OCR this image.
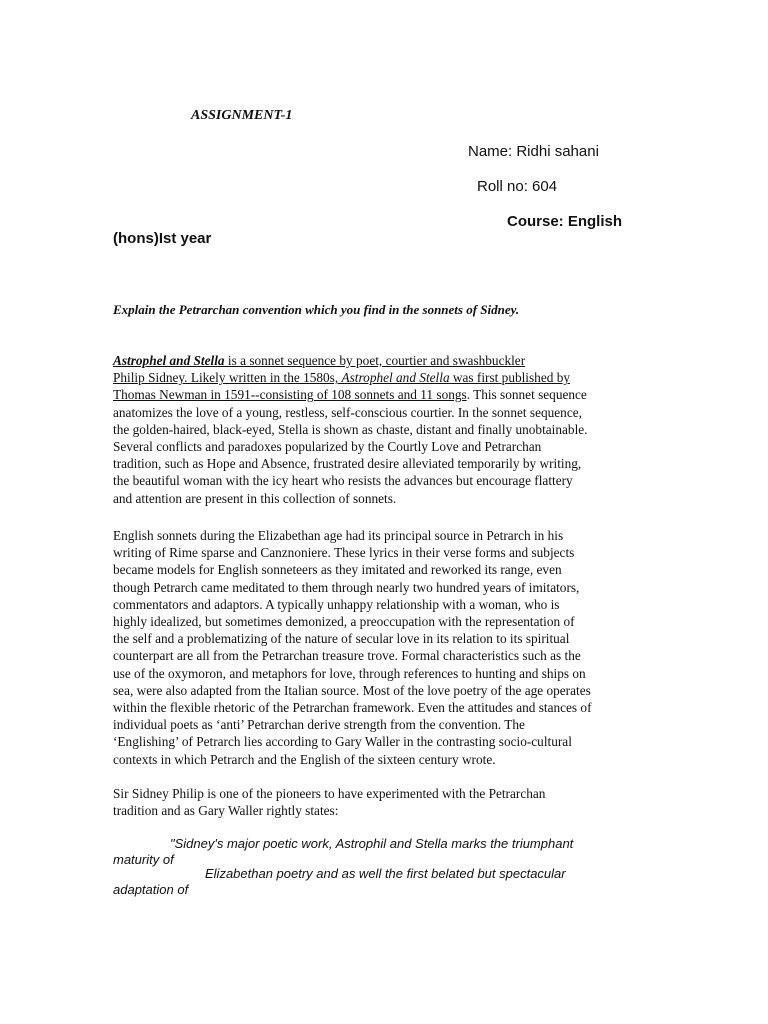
ASSIGNMENT-1
Name: Ridhi sahani
Roll no: 604
Course: English
(hons)Ist year
Explain the Petrarchan convention which you find in the sonnets of Sidney.
Astrophel and Stella is a sonnet sequence by poet, courtier and swashbuckler
Philip Sidney. Likely written in the 1580s, Astrophel and Stella was first published by
Thomas Newman in 1591--consisting of 108 sonnets and 11 songs. This sonnet sequence
anatomizes the love of a young, restless, self-conscious courtier. In the sonnet sequence,
the golden-haired, black-eyed, Stella is shown as chaste, distant and finally unobtainable.
Several conflicts and paradoxes popularized by the Courtly Love and Petrarchan
tradition, such as Hope and Absence, frustrated desire alleviated temporarily by writing,
the beautiful woman with the icy heart who resists the advances but encourage flattery
and attention are present in this collection of sonnets.
English sonnets during the Elizabethan age had its principal source in Petrarch in his
writing of Rime sparse and Canznoniere. These lyrics in their verse forms and subjects
became models for English sonneteers as they imitated and reworked its range, even
though Petrarch came meditated to them through nearly two hundred years of imitators,
commentators and adaptors. A typically unhappy relationship with a woman, who is
highly idealized, but sometimes demonized, a preoccupation with the representation of
the self and a problematizing of the nature of secular love in its relation to its spiritual
counterpart are all from the Petrarchan treasure trove. Formal characteristics such as the
use of the oxymoron, and metaphors for love, through references to hunting and ships on
sea, were also adapted from the Italian source. Most of the love poetry of the age operates
within the flexible rhetoric of the Petrarchan framework. Even the attitudes and stances of
individual poets as ‘anti’ Petrarchan derive strength from the convention. The
‘Englishing’ of Petrarch lies according to Gary Waller in the contrasting socio-cultural
contexts in which Petrarch and the English of the sixteen century wrote.
Sir Sidney Philip is one of the pioneers to have experimented with the Petrarchan
tradition and as Gary Waller rightly states:
"Sidney's major poetic work, Astrophil and Stella marks the triumphant
maturity of
Elizabethan poetry and as well the first belated but spectacular
adaptation of
